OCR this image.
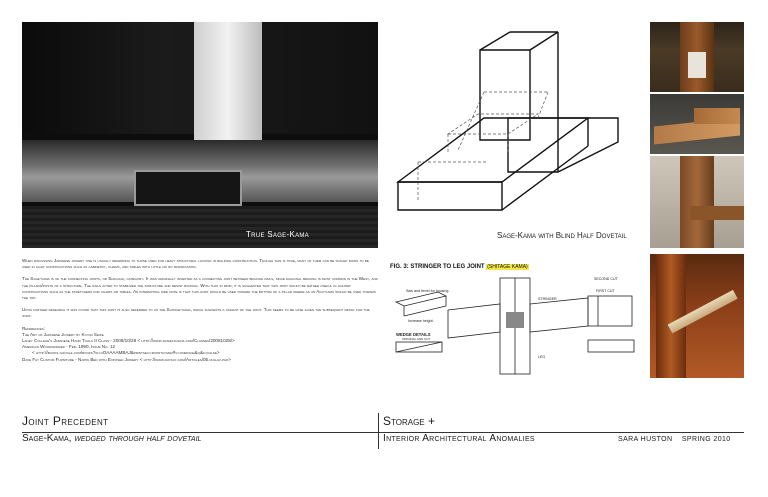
True Sage-Kama	Sage-Kama with Blind Half Dovetail

When discussing Japanese joinery one is usually referring to those used for heavy structural locking in building construction. Though this is true, many of them can be scaled down to be used in light constructions such as cabinetry, chairs, and tables with little or no modification.

The Sage-kama is of the connecting joints, or Shiguchi, category. It was originally invented as a connecting joint between bracing rails, since diagonal bracing is most common in the West, and the pillars/posts of a structure. The rails acted to stabilized the structure and resist racking. With that in mind, it is suggested that this joint would be rather useful in lighter constructions such as the stretchers for chairs or tables. An interesting side note is that this joint would be used toward the bottom of a pillar where as an Ago-kama would be used toward the top.

Upon further research it was found that this joint is also referred to as the Shitage-kama, which suggests a variant of the joint. This seems to be case given the subsequent detail for the joint.

References:
The Art of Japanese Joinery by Kiyosi Seike
Laney College's Japanese Hand Tools II Class - 2008/10/28 < http://www.danielsulina.com/Classes/20081028/>
American Woodworker - Feb. 1990, Issue No. 12
< http://books.google.com/books?id=iiOAAAAMBAJ&printsec=frontcover#v=onepage&q&f=false>
Dave Fay Custom Furniture - Nappa Bed with Exposed Joinery < http://www.dayfay.com/Articles/05.nullav.php>
FIG. 3: STRINGER TO LEG JOINT (SHITAGE KAMA)
Saw and bevel for housing.
Increase height.
WEDGE DETAILS
ORIGINAL AND CUT
STRINGER
LEG
SECOND CUT
FIRST CUT
Joint Precedent
Sage-Kama, wedged through half dovetail
Storage +
Interior Architectural Anomalies	SARA HUSTON SPRING 2010
